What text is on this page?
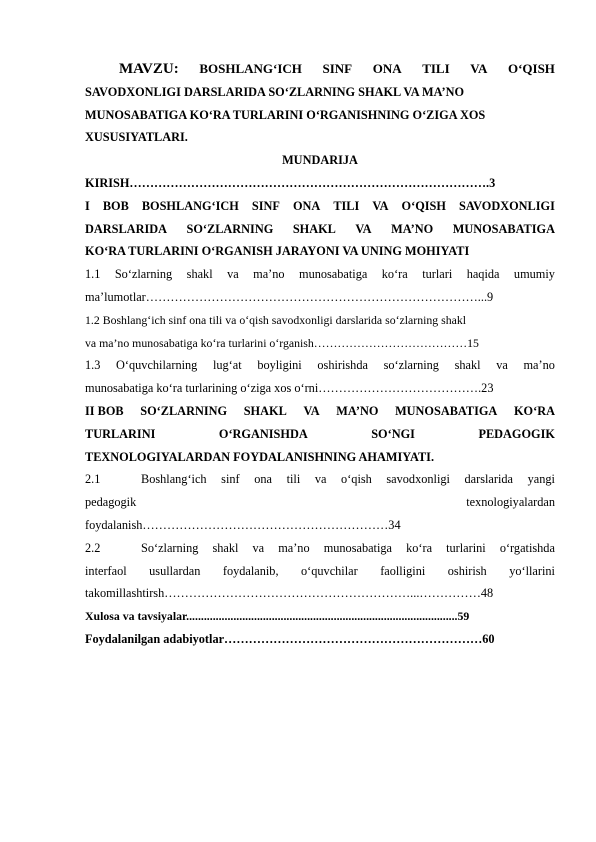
MAVZU: BOSHLANG‘ICH SINF ONA TILI VA O‘QISH
SAVODXONLIGI DARSLARIDA SO‘ZLARNING SHAKL VA MA’NO
MUNOSABATIGA KO‘RA TURLARINI O‘RGANISHNING O‘ZIGA XOS
XUSUSIYATLARI.
MUNDARIJA
KIRISH…………………………………………………………………………….3
I BOB BOSHLANG‘ICH SINF ONA TILI VA O‘QISH SAVODXONLIGI
DARSLARIDA SO‘ZLARNING SHAKL VA MA’NO MUNOSABATIGA
KO‘RA TURLARINI O‘RGANISH JARAYONI VA UNING MOHIYATI
1.1 So‘zlarning shakl va ma’no munosabatiga ko‘ra turlari haqida umumiy
ma’lumotlar………………………………………………………………………...9
1.2 Boshlang‘ich sinf ona tili va o‘qish savodxonligi darslarida so‘zlarning shakl
va ma’no munosabatiga ko‘ra turlarini o‘rganish…………………………………15
1.3 O‘quvchilarning lug‘at boyligini oshirishda so‘zlarning shakl va ma’no
munosabatiga ko‘ra turlarining o‘ziga xos o‘rni………………………………….23
II BOB SO‘ZLARNING SHAKL VA MA’NO MUNOSABATIGA KO‘RA
TURLARINI	O‘RGANISHDA	SO‘NGI	PEDAGOGIK
TEXNOLOGIYALARDAN FOYDALANISHNING AHAMIYATI.
2.1	Boshlang‘ich sinf ona tili va o‘qish savodxonligi darslarida yangi
pedagogik	texnologiyalardan
foydalanish……………………………………………………34
2.2	So‘zlarning shakl va ma’no munosabatiga ko‘ra turlarini o‘rgatishda
interfaol usullardan foydalanib, o‘quvchilar faolligini oshirish yo‘llarini
takomillashtirsh……………………………………………………...……………48
Xulosa va tavsiyalar............................................................................................59
Foydalanilgan adabiyotlar………………………………………………………60
